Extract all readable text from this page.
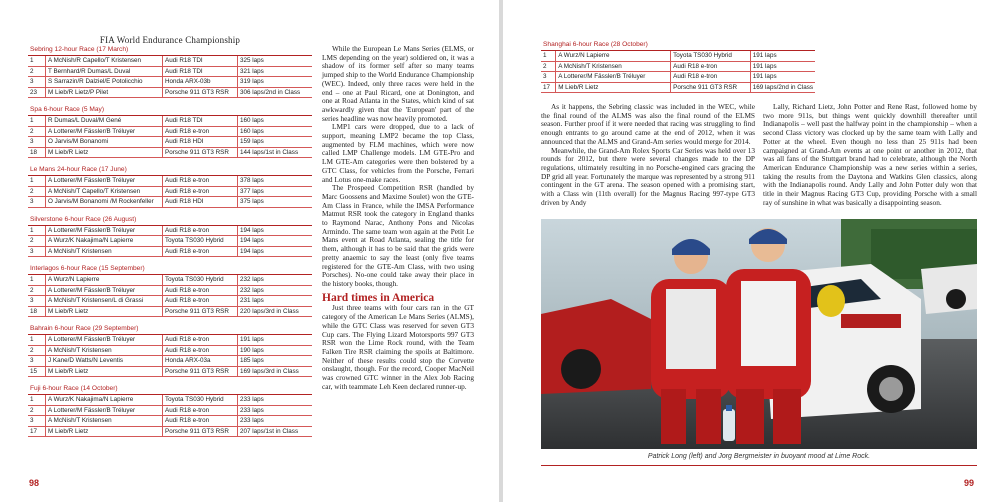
FIA World Endurance Championship
Sebring 12-hour Race (17 March)
1	A McNish/R Capello/T Kristensen	Audi R18 TDI	325 laps
2	T Bernhard/R Dumas/L Duval	Audi R18 TDI	321 laps
3	S Sarrazin/R Dalziel/E Potolicchio	Honda ARX-03b	319 laps
23	M Lieb/R Lietz/P Pilet	Porsche 911 GT3 RSR	306 laps/2nd in Class
Spa 6-hour Race (5 May)
1	R Dumas/L Duval/M Gené	Audi R18 TDI	160 laps
2	A Lotterer/M Fässler/B Tréluyer	Audi R18 e-tron	160 laps
3	O Jarvis/M Bonanomi	Audi R18 HDI	159 laps
18	M Lieb/R Lietz	Porsche 911 GT3 RSR	144 laps/1st in Class
Le Mans 24-hour Race (17 June)
1	A Lotterer/M Fässler/B Tréluyer	Audi R18 e-tron	378 laps
2	A McNish/T Capello/T Kristensen	Audi R18 e-tron	377 laps
3	O Jarvis/M Bonanomi /M Rockenfeller	Audi R18 HDI	375 laps
Silverstone 6-hour Race (26 August)
1	A Lotterer/M Fässler/B Tréluyer	Audi R18 e-tron	194 laps
2	A Wurz/K Nakajima/N Lapierre	Toyota TS030 Hybrid	194 laps
3	A McNish/T Kristensen	Audi R18 e-tron	194 laps
Interlagos 6-hour Race (15 September)
1	A Wurz/N Lapierre	Toyota TS030 Hybrid	232 laps
2	A Lotterer/M Fässler/B Tréluyer	Audi R18 e-tron	232 laps
3	A McNish/T Kristensen/L di Grassi	Audi R18 e-tron	231 laps
18	M Lieb/R Lietz	Porsche 911 GT3 RSR	220 laps/3rd in Class
Bahrain 6-hour Race (29 September)
1	A Lotterer/M Fässler/B Tréluyer	Audi R18 e-tron	191 laps
2	A McNish/T Kristensen	Audi R18 e-tron	190 laps
3	J Kane/D Watts/N Leventis	Honda ARX-03a	185 laps
15	M Lieb/R Lietz	Porsche 911 GT3 RSR	169 laps/3rd in Class
Fuji 6-hour Race (14 October)
1	A Wurz/K Nakajima/N Lapierre	Toyota TS030 Hybrid	233 laps
2	A Lotterer/M Fässler/B Tréluyer	Audi R18 e-tron	233 laps
3	A McNish/T Kristensen	Audi R18 e-tron	233 laps
17	M Lieb/R Lietz	Porsche 911 GT3 RSR	207 laps/1st in Class

While the European Le Mans Series (ELMS, or LMS depending on the year) soldiered on, it was a shadow of its former self after so many teams jumped ship to the World Endurance Championship (WEC). Indeed, only three races were held in the end – one at Paul Ricard, one at Donington, and one at Road Atlanta in the States, which kind of sat awkwardly given that the 'European' part of the series headline was now heavily promoted.

LMP1 cars were dropped, due to a lack of support, meaning LMP2 became the top Class, augmented by FLM machines, which were now called LMP Challenge models. LM GTE-Pro and LM GTE-Am categories were then bolstered by a GTC Class, for vehicles from the Porsche, Ferrari and Lotus one-make races.

The Prospeed Competition RSR (handled by Marc Goossens and Maxime Soulet) won the GTE-Am Class in France, while the IMSA Performance Matmut RSR took the category in England thanks to Raymond Narac, Anthony Pons and Nicolas Armindo. The same team won again at the Petit Le Mans event at Road Atlanta, sealing the title for them, although it has to be said that the grids were pretty anaemic to say the least (only five teams registered for the GTE-Am Class, with two using Porsches). No-one could take away their place in the history books, though.

Hard times in America

Just three teams with four cars ran in the GT category of the American Le Mans Series (ALMS), while the GTC Class was reserved for seven GT3 Cup cars. The Flying Lizard Motorsports 997 GT3 RSR won the Lime Rock round, with the Team Falken Tire RSR claiming the spoils at Baltimore. Neither of these results could stop the Corvette onslaught, though. For the record, Cooper MacNeil was crowned GTC winner in the Alex Job Racing car, with teammate Leh Keen declared runner-up.

98
Shanghai 6-hour Race (28 October)
1	A Wurz/N Lapierre	Toyota TS030 Hybrid	191 laps
2	A McNish/T Kristensen	Audi R18 e-tron	191 laps
3	A Lotterer/M Fässler/B Tréluyer	Audi R18 e-tron	191 laps
17	M Lieb/R Lietz	Porsche 911 GT3 RSR	169 laps/2nd in Class

As it happens, the Sebring classic was included in the WEC, while the final round of the ALMS was also the final round of the ELMS season. Further proof if it were needed that racing was struggling to find enough entrants to go around came at the end of 2012, when it was announced that the ALMS and Grand-Am series would merge for 2014.

Meanwhile, the Grand-Am Rolex Sports Car Series was held over 13 rounds for 2012, but there were several changes made to the DP regulations, ultimately resulting in no Porsche-engined cars gracing the DP grid all year. Fortunately the marque was represented by a strong 911 contingent in the GT arena. The season opened with a promising start, with a Class win (11th overall) for the Magnus Racing 997-type GT3 driven by Andy

Lally, Richard Lietz, John Potter and Rene Rast, followed home by two more 911s, but things went quickly downhill thereafter until Indianapolis – well past the halfway point in the championship – when a second Class victory was clocked up by the same team with Lally and Potter at the wheel. Even though no less than 25 911s had been campaigned at Grand-Am events at one point or another in 2012, that was all fans of the Stuttgart brand had to celebrate, although the North American Endurance Championship was a new series within a series, taking the results from the Daytona and Watkins Glen classics, along with the Indianapolis round. Andy Lally and John Potter duly won that title in their Magnus Racing GT3 Cup, providing Porsche with a small ray of sunshine in what was basically a disappointing season.

Patrick Long (left) and Jorg Bergmeister in buoyant mood at Lime Rock.
99
